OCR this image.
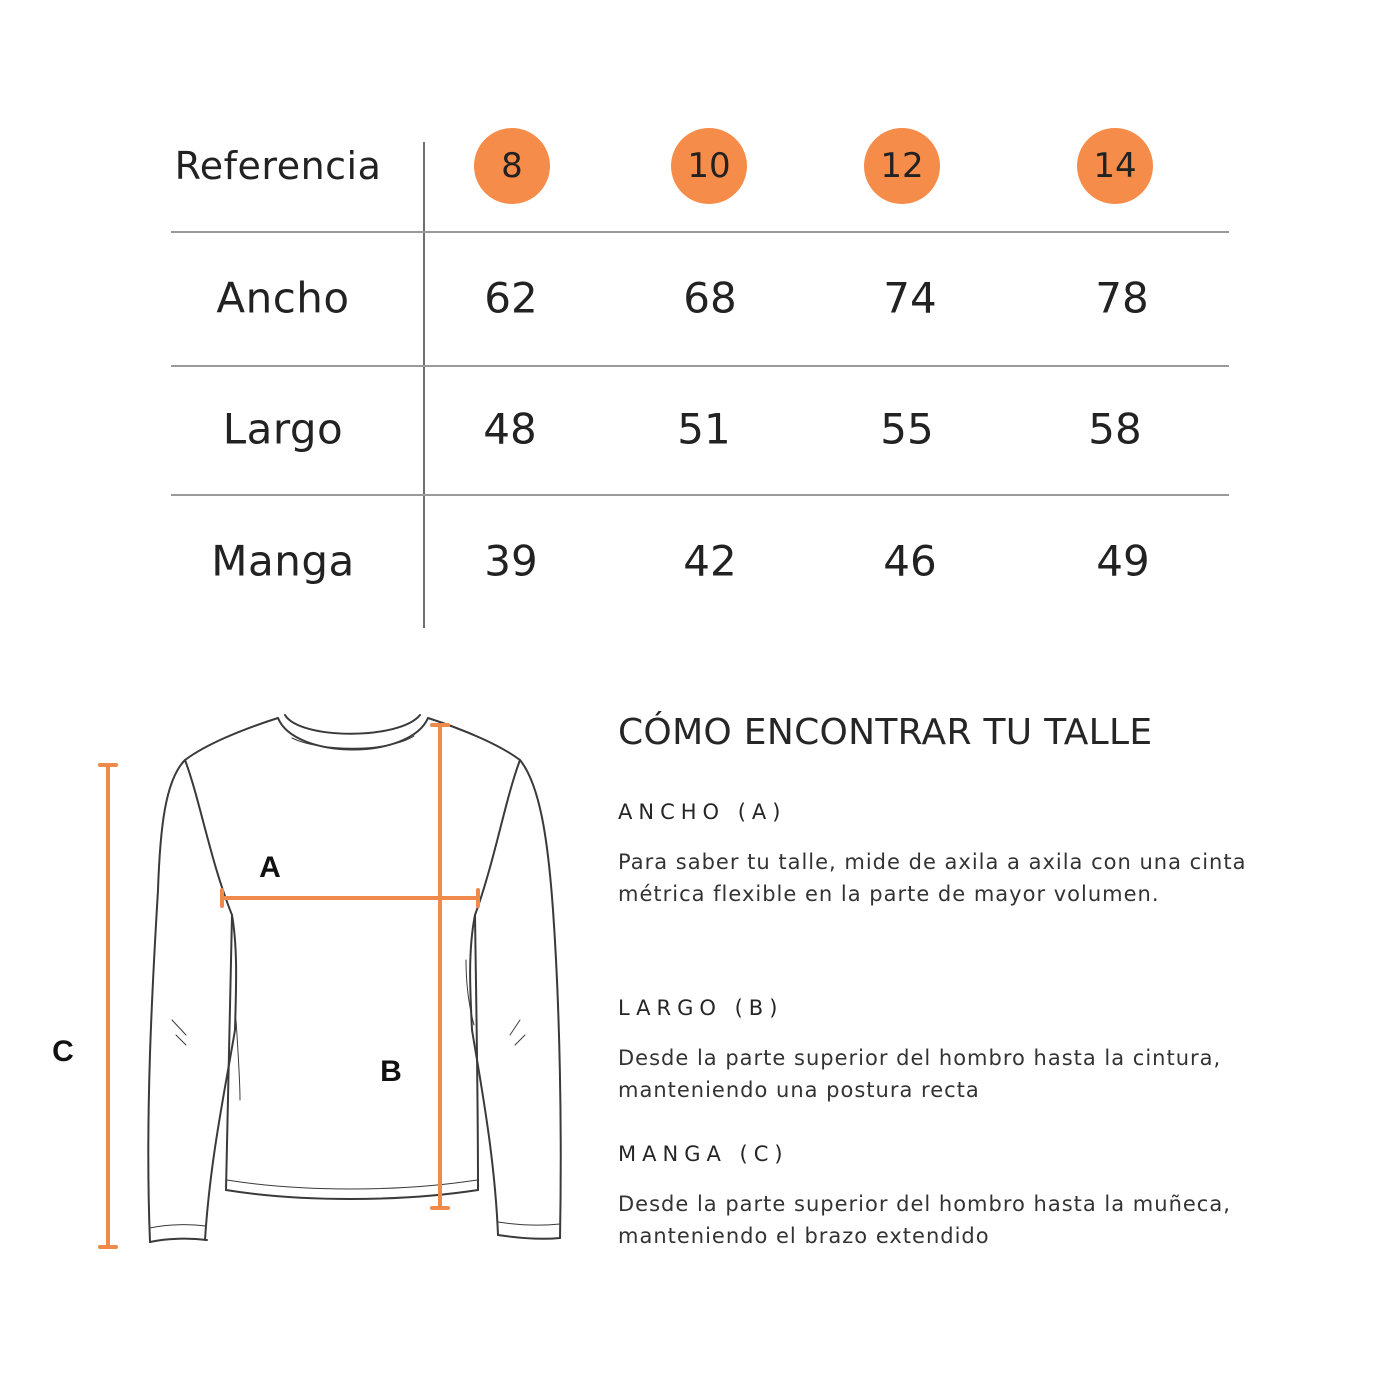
Referencia	8	10	12	14
Ancho	62	68	74	78
Largo	48	51	55	58
Manga	39	42	46	49
A
B
C
CÓMO ENCONTRAR TU TALLE

ANCHO (A)

Para saber tu talle, mide de axila a axila con una cinta métrica flexible en la parte de mayor volumen.

LARGO (B)

Desde la parte superior del hombro hasta la cintura, manteniendo una postura recta

MANGA (C)

Desde la parte superior del hombro hasta la muñeca, manteniendo el brazo extendido
